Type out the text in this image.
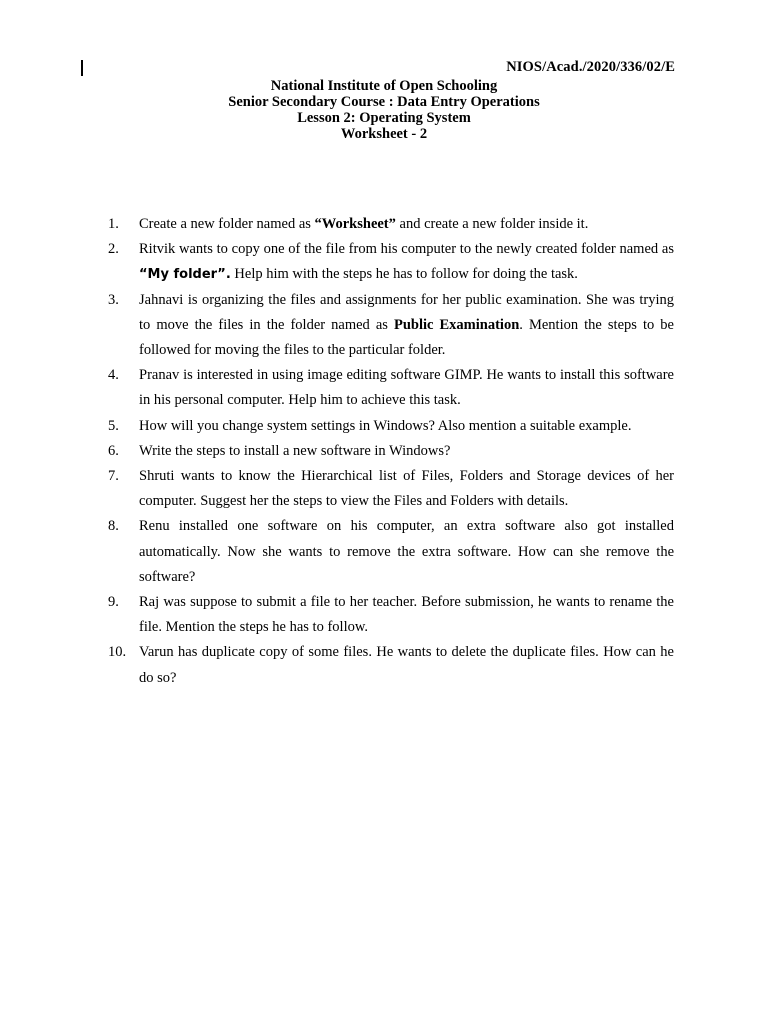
NIOS/Acad./2020/336/02/E
National Institute of Open Schooling
Senior Secondary Course : Data Entry Operations
Lesson 2: Operating System
Worksheet - 2
1.	Create a new folder named as “Worksheet” and create a new folder inside it.
2.	Ritvik wants to copy one of the file from his computer to the newly created folder named as “My folder”. Help him with the steps he has to follow for doing the task.
3.	Jahnavi is organizing the files and assignments for her public examination. She was trying to move the files in the folder named as Public Examination. Mention the steps to be followed for moving the files to the particular folder.
4.	Pranav is interested in using image editing software GIMP. He wants to install this software in his personal computer. Help him to achieve this task.
5.	How will you change system settings in Windows? Also mention a suitable example.
6.	Write the steps to install a new software in Windows?
7.	Shruti wants to know the Hierarchical list of Files, Folders and Storage devices of her computer. Suggest her the steps to view the Files and Folders with details.
8.	Renu installed one software on his computer, an extra software also got installed automatically. Now she wants to remove the extra software. How can she remove the software?
9.	Raj was suppose to submit a file to her teacher. Before submission, he wants to rename the file. Mention the steps he has to follow.
10. Varun has duplicate copy of some files. He wants to delete the duplicate files. How can he do so?
